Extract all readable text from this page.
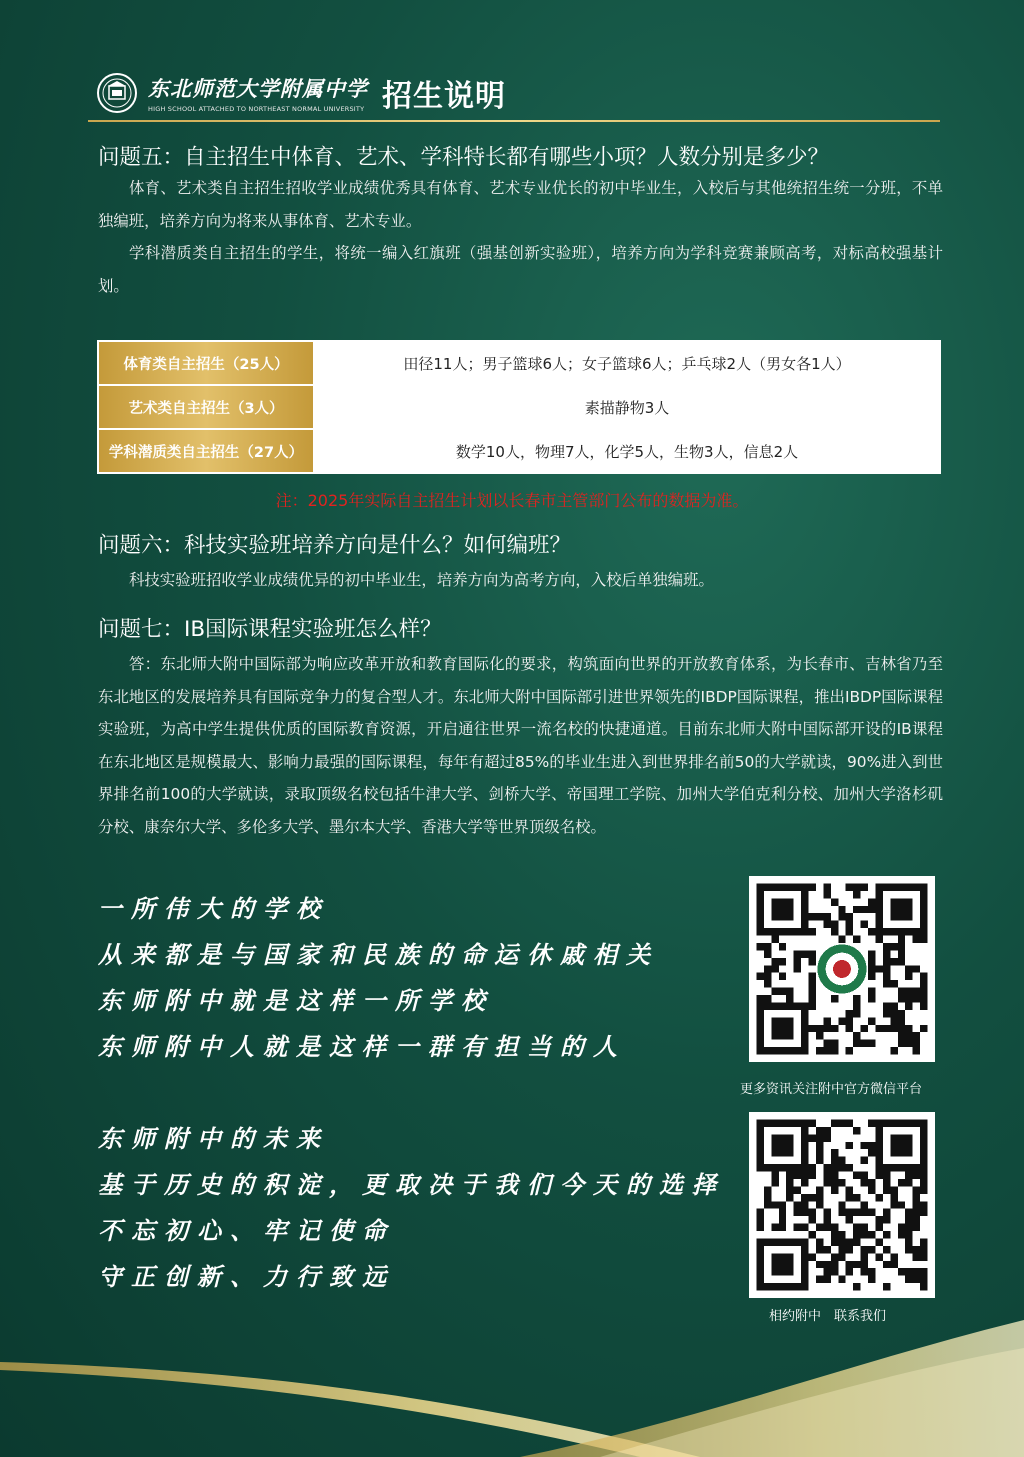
东北师范大学附属中学
HIGH SCHOOL ATTACHED TO NORTHEAST NORMAL UNIVERSITY 招生说明
问题五：自主招生中体育、艺术、学科特长都有哪些小项？人数分别是多少？

体育、艺术类自主招生招收学业成绩优秀具有体育、艺术专业优长的初中毕业生，入校后与其他统招生统一分班，不单独编班，培养方向为将来从事体育、艺术专业。

学科潜质类自主招生的学生，将统一编入红旗班（强基创新实验班），培养方向为学科竞赛兼顾高考，对标高校强基计划。

体育类自主招生（25人）	田径11人；男子篮球6人；女子篮球6人；乒乓球2人（男女各1人）
艺术类自主招生（3人）	素描静物3人
学科潜质类自主招生（27人）	数学10人，物理7人，化学5人，生物3人，信息2人
注：2025年实际自主招生计划以长春市主管部门公布的数据为准。
问题六：科技实验班培养方向是什么？如何编班？

科技实验班招收学业成绩优异的初中毕业生，培养方向为高考方向，入校后单独编班。

问题七：IB国际课程实验班怎么样？

答：东北师大附中国际部为响应改革开放和教育国际化的要求，构筑面向世界的开放教育体系，为长春市、吉林省乃至东北地区的发展培养具有国际竞争力的复合型人才。东北师大附中国际部引进世界领先的IBDP国际课程，推出IBDP国际课程实验班，为高中学生提供优质的国际教育资源，开启通往世界一流名校的快捷通道。目前东北师大附中国际部开设的IB课程在东北地区是规模最大、影响力最强的国际课程，每年有超过85%的毕业生进入到世界排名前50的大学就读，90%进入到世界排名前100的大学就读，录取顶级名校包括牛津大学、剑桥大学、帝国理工学院、加州大学伯克利分校、加州大学洛杉矶分校、康奈尔大学、多伦多大学、墨尔本大学、香港大学等世界顶级名校。

一所伟大的学校
从来都是与国家和民族的命运休戚相关
东师附中就是这样一所学校
东师附中人就是这样一群有担当的人
东师附中的未来
基于历史的积淀，更取决于我们今天的选择
不忘初心、牢记使命
守正创新、力行致远
更多资讯关注附中官方微信平台
相约附中　联系我们
